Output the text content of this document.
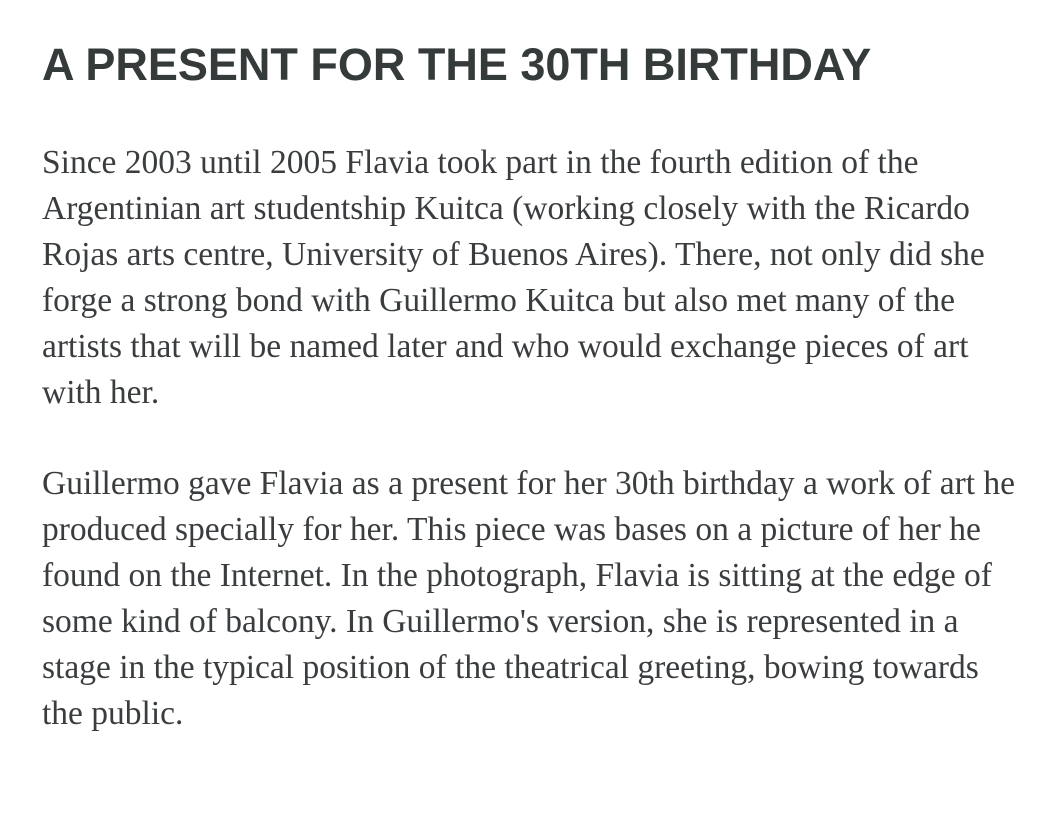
A PRESENT FOR THE 30TH BIRTHDAY

Since 2003 until 2005 Flavia took part in the fourth edition of the Argentinian art studentship Kuitca (working closely with the Ricardo Rojas arts centre, University of Buenos Aires). There, not only did she forge a strong bond with Guillermo Kuitca but also met many of the artists that will be named later and who would exchange pieces of art with her.

Guillermo gave Flavia as a present for her 30th birthday a work of art he produced specially for her. This piece was bases on a picture of her he found on the Internet. In the photograph, Flavia is sitting at the edge of some kind of balcony. In Guillermo's version, she is represented in a stage in the typical position of the theatrical greeting, bowing towards the public.
